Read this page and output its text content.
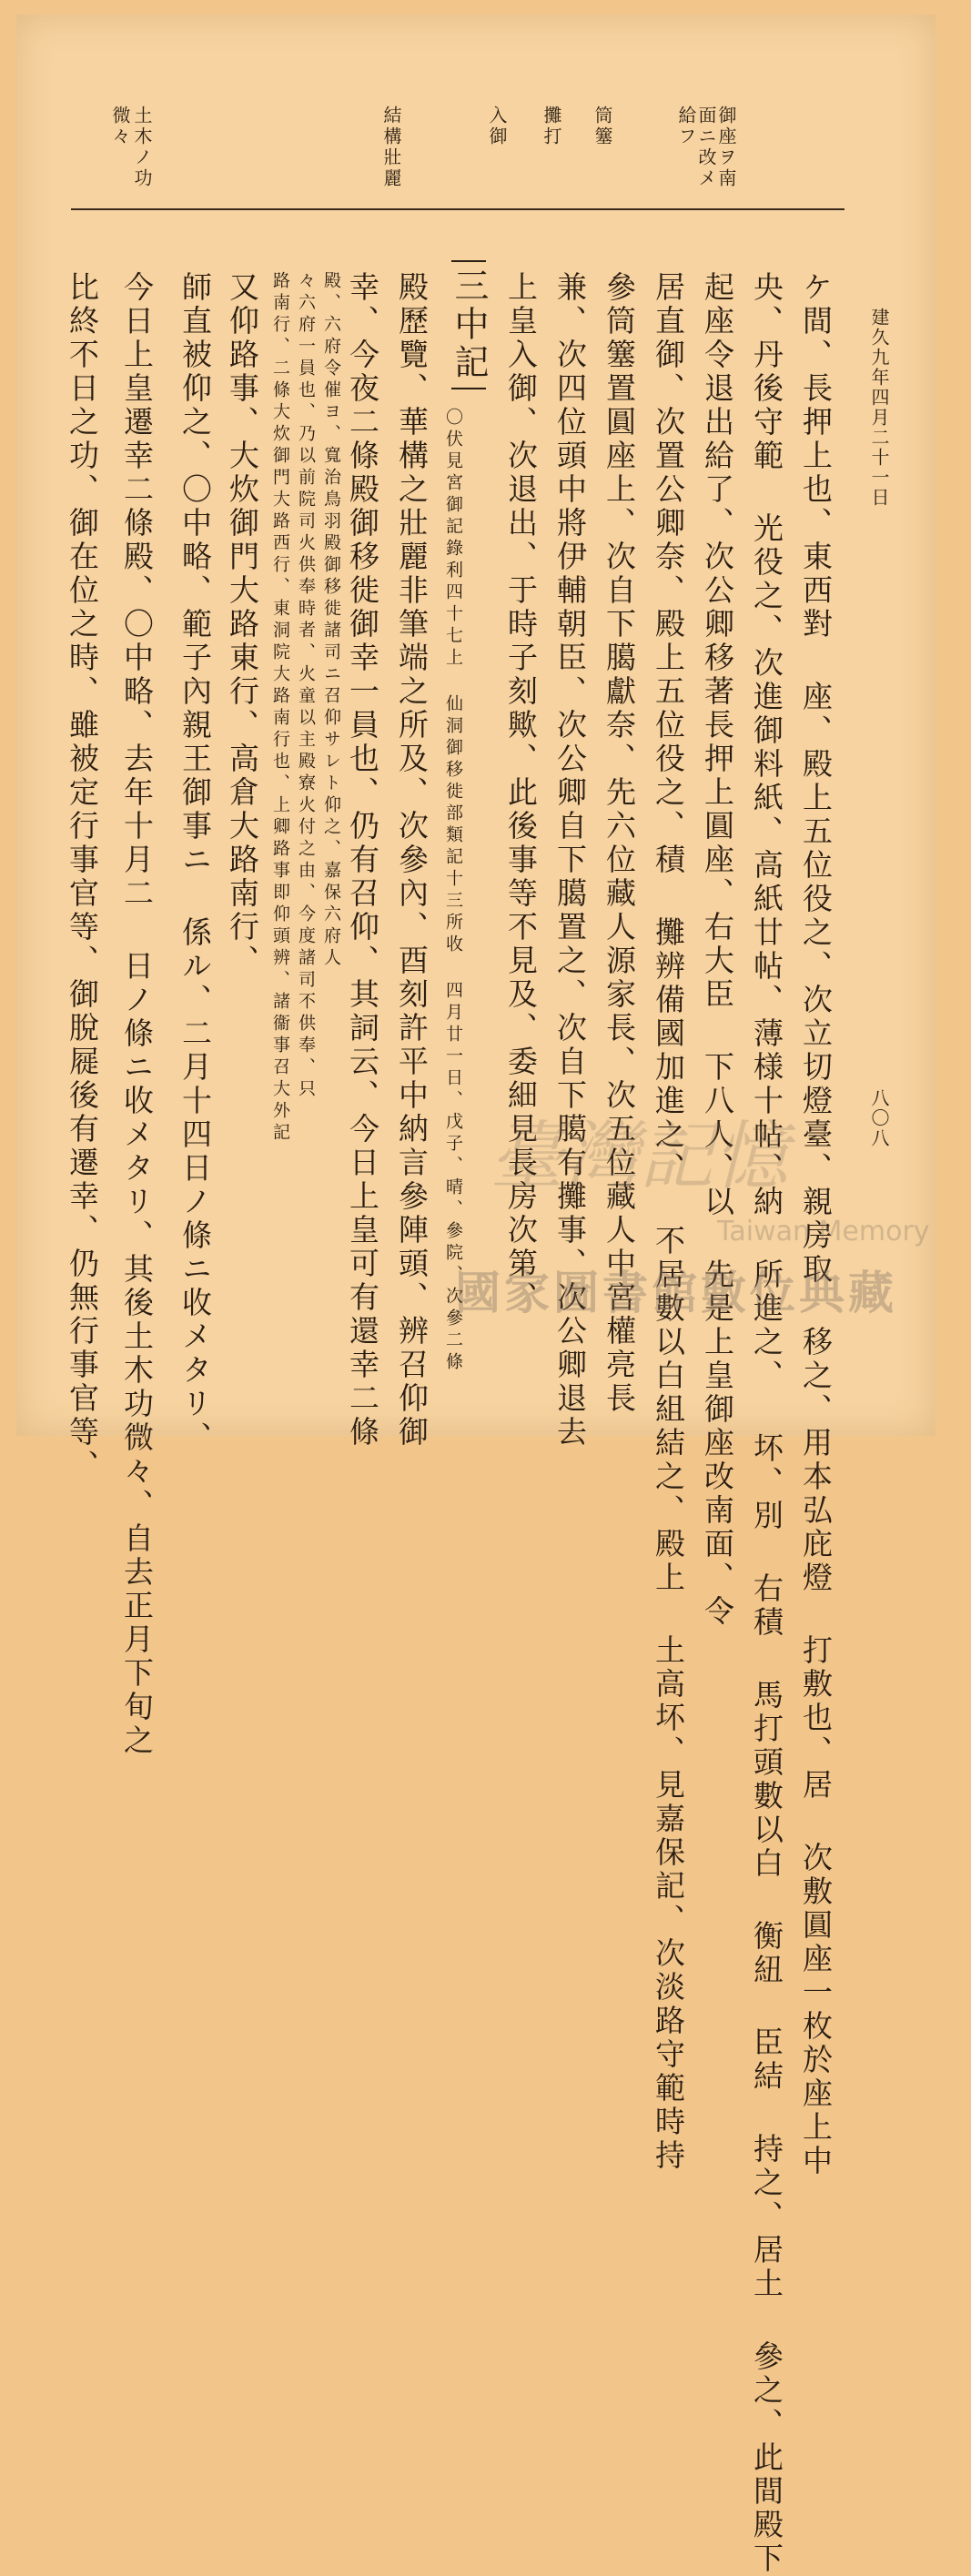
建久九年四月二十一日
八〇八
御座ヲ南
面ニ改メ
給フ
筒簺
攤打
入御
結構壯麗
土木ノ功
微々
ケ間、長押上也、東西對 座、殿上五位役之、次立切燈臺、親房取 移之、用本弘庇燈 打敷也、居 次敷圓座一枚於座上中
央、丹後守範 光役之、次進御料紙、高紙廿帖、薄様十帖、納 所進之、 坏、別 右積 馬打頭數以白 衡紐 臣結 持之、居土 參之、此間殿下
起座令退出給了、次公卿移著長押上圓座、右大臣 下八人、以 先是上皇御座改南面、令
居直御、次置公卿奈、殿上五位役之、積 攤辨備國加進之、 不居數以白組結之、殿上 土高坏、見嘉保記、次淡路守範時持
參筒簺置圓座上、次自下臈獻奈、先六位藏人源家長、次五位藏人中宮權亮長
兼、次四位頭中將伊輔朝臣、次公卿自下臈置之、次自下臈有攤事、次公卿退去
上皇入御、次退出、于時子刻歟、此後事等不見及、委細見長房次第、
三中記
〇伏見宮御記錄利四十七上 仙洞御移徙部類記十三所收 四月廿一日、戊子、晴、參院、次參二條
殿歷覽、華構之壯麗非筆端之所及、次參內、酉刻許平中納言參陣頭、辨召仰御
幸、今夜二條殿御移徙御幸一員也、仍有召仰、其詞云、今日上皇可有還幸二條
殿、六府令催ヨ、寬治鳥羽殿御移徙諸司ニ召仰サレト仰之、嘉保六府人
々六府一員也、乃以前院司火供奉時者、火童以主殿寮火付之由、今度諸司不供奉、只
路南行、二條大炊御門大路西行、東洞院大路南行也、上卿路事即仰頭辨、諸衞事召大外記
又仰路事、大炊御門大路東行、高倉大路南行、
師直被仰之、〇中略、範子內親王御事ニ 係ル、二月十四日ノ條ニ收メタリ、
今日上皇遷幸二條殿、〇中略、去年十月二 日ノ條ニ收メタリ、其後土木功微々、自去正月下旬之
比終不日之功、御在位之時、雖被定行事官等、御脫屣後有遷幸、仍無行事官等、	臺灣記憶
Taiwan Memory
國家圖書館數位典藏
